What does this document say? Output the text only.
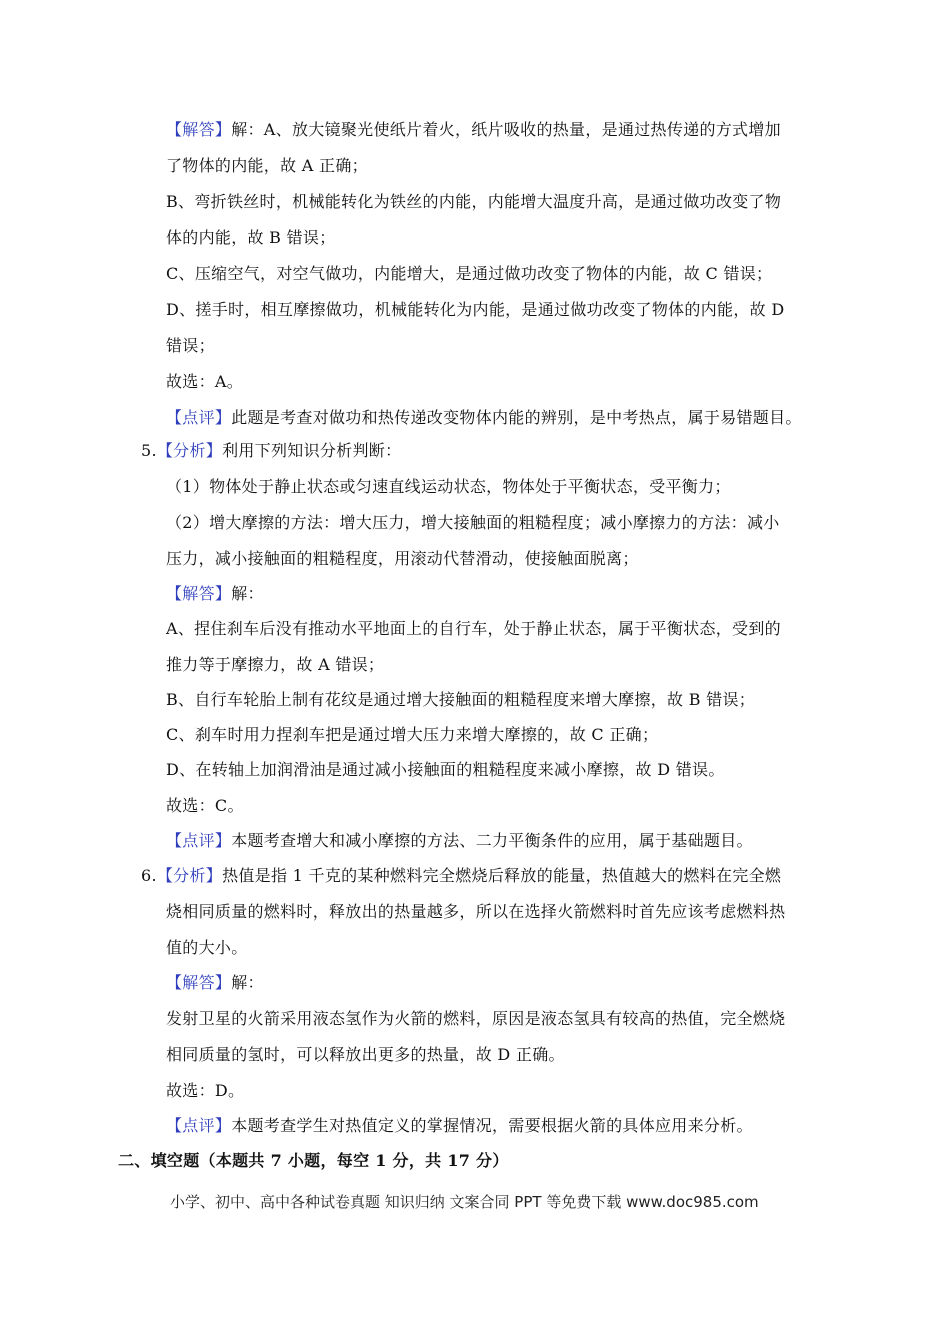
【解答】解：A、放大镜聚光使纸片着火，纸片吸收的热量，是通过热传递的方式增加
了物体的内能，故 A 正确；
B、弯折铁丝时，机械能转化为铁丝的内能，内能增大温度升高，是通过做功改变了物
体的内能，故 B 错误；
C、压缩空气，对空气做功，内能增大，是通过做功改变了物体的内能，故 C 错误；
D、搓手时，相互摩擦做功，机械能转化为内能，是通过做功改变了物体的内能，故 D
错误；
故选：A。
【点评】此题是考查对做功和热传递改变物体内能的辨别，是中考热点，属于易错题目。
5.【分析】利用下列知识分析判断：
（1）物体处于静止状态或匀速直线运动状态，物体处于平衡状态，受平衡力；
（2）增大摩擦的方法：增大压力，增大接触面的粗糙程度；减小摩擦力的方法：减小
压力，减小接触面的粗糙程度，用滚动代替滑动，使接触面脱离；
【解答】解：
A、捏住刹车后没有推动水平地面上的自行车，处于静止状态，属于平衡状态，受到的
推力等于摩擦力，故 A 错误；
B、自行车轮胎上制有花纹是通过增大接触面的粗糙程度来增大摩擦，故 B 错误；
C、刹车时用力捏刹车把是通过增大压力来增大摩擦的，故 C 正确；
D、在转轴上加润滑油是通过减小接触面的粗糙程度来减小摩擦，故 D 错误。
故选：C。
【点评】本题考查增大和减小摩擦的方法、二力平衡条件的应用，属于基础题目。
6.【分析】热值是指 1 千克的某种燃料完全燃烧后释放的能量，热值越大的燃料在完全燃
烧相同质量的燃料时，释放出的热量越多，所以在选择火箭燃料时首先应该考虑燃料热
值的大小。
【解答】解：
发射卫星的火箭采用液态氢作为火箭的燃料，原因是液态氢具有较高的热值，完全燃烧
相同质量的氢时，可以释放出更多的热量，故 D 正确。
故选：D。
【点评】本题考查学生对热值定义的掌握情况，需要根据火箭的具体应用来分析。
二、填空题（本题共 7 小题，每空 1 分，共 17 分）
小学、初中、高中各种试卷真题 知识归纳 文案合同 PPT 等免费下载 www.doc985.com
